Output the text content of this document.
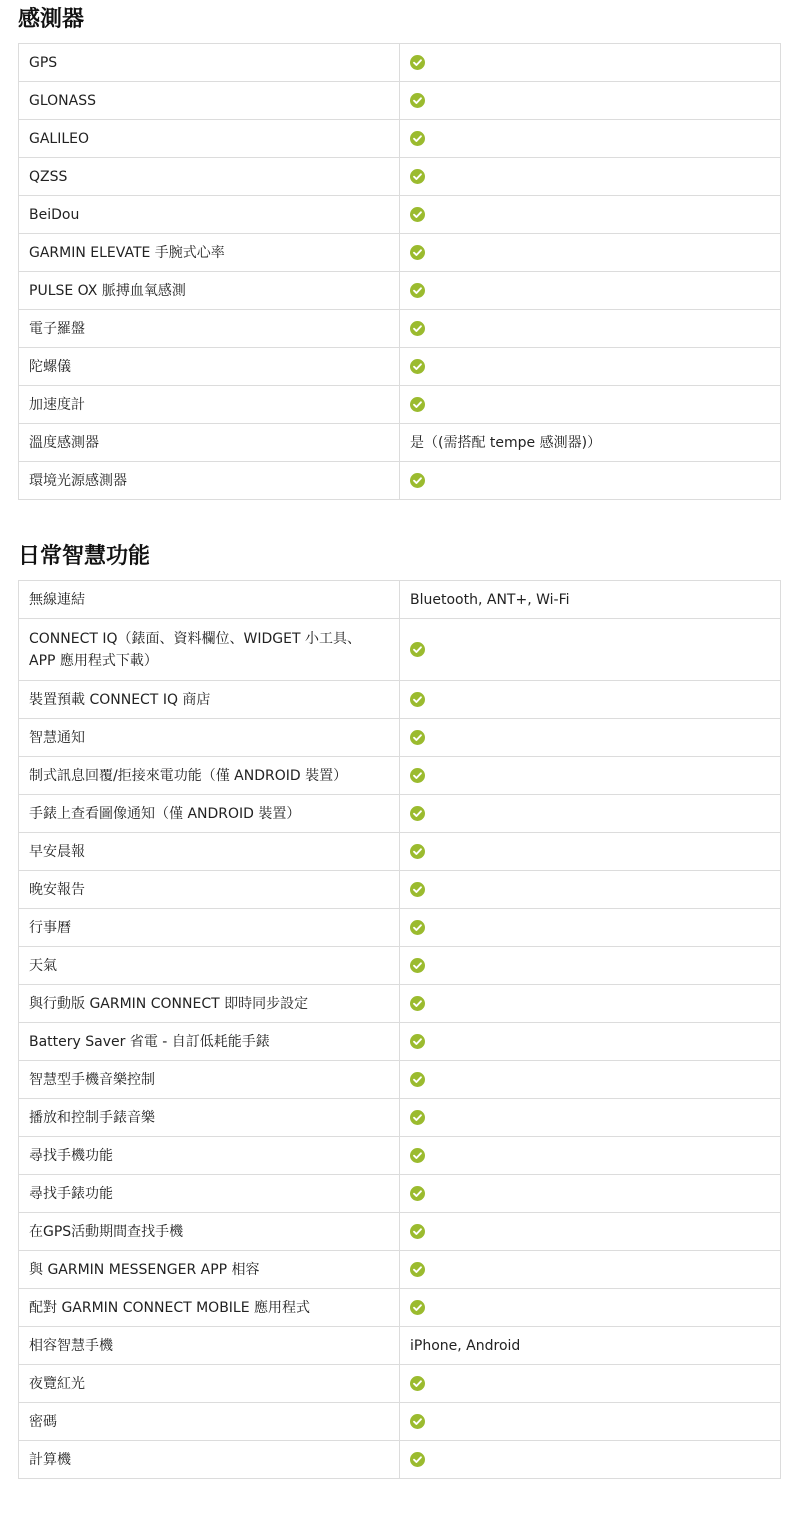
感測器
GPS	
GLONASS	
GALILEO	
QZSS	
BeiDou	
GARMIN ELEVATE 手腕式心率	
PULSE OX 脈搏血氧感測	
電子羅盤	
陀螺儀	
加速度計	
溫度感測器	是（(需搭配 tempe 感測器)）
環境光源感測器	
日常智慧功能
無線連結	Bluetooth, ANT+, Wi-Fi
CONNECT IQ（錶面、資料欄位、WIDGET 小工具、APP 應用程式下載）	
裝置預載 CONNECT IQ 商店	
智慧通知	
制式訊息回覆/拒接來電功能（僅 ANDROID 裝置）	
手錶上查看圖像通知（僅 ANDROID 裝置）	
早安晨報	
晚安報告	
行事曆	
天氣	
與行動版 GARMIN CONNECT 即時同步設定	
Battery Saver 省電 - 自訂低耗能手錶	
智慧型手機音樂控制	
播放和控制手錶音樂	
尋找手機功能	
尋找手錶功能	
在GPS活動期間查找手機	
與 GARMIN MESSENGER APP 相容	
配對 GARMIN CONNECT MOBILE 應用程式	
相容智慧手機	iPhone, Android
夜覽紅光	
密碼	
計算機	
